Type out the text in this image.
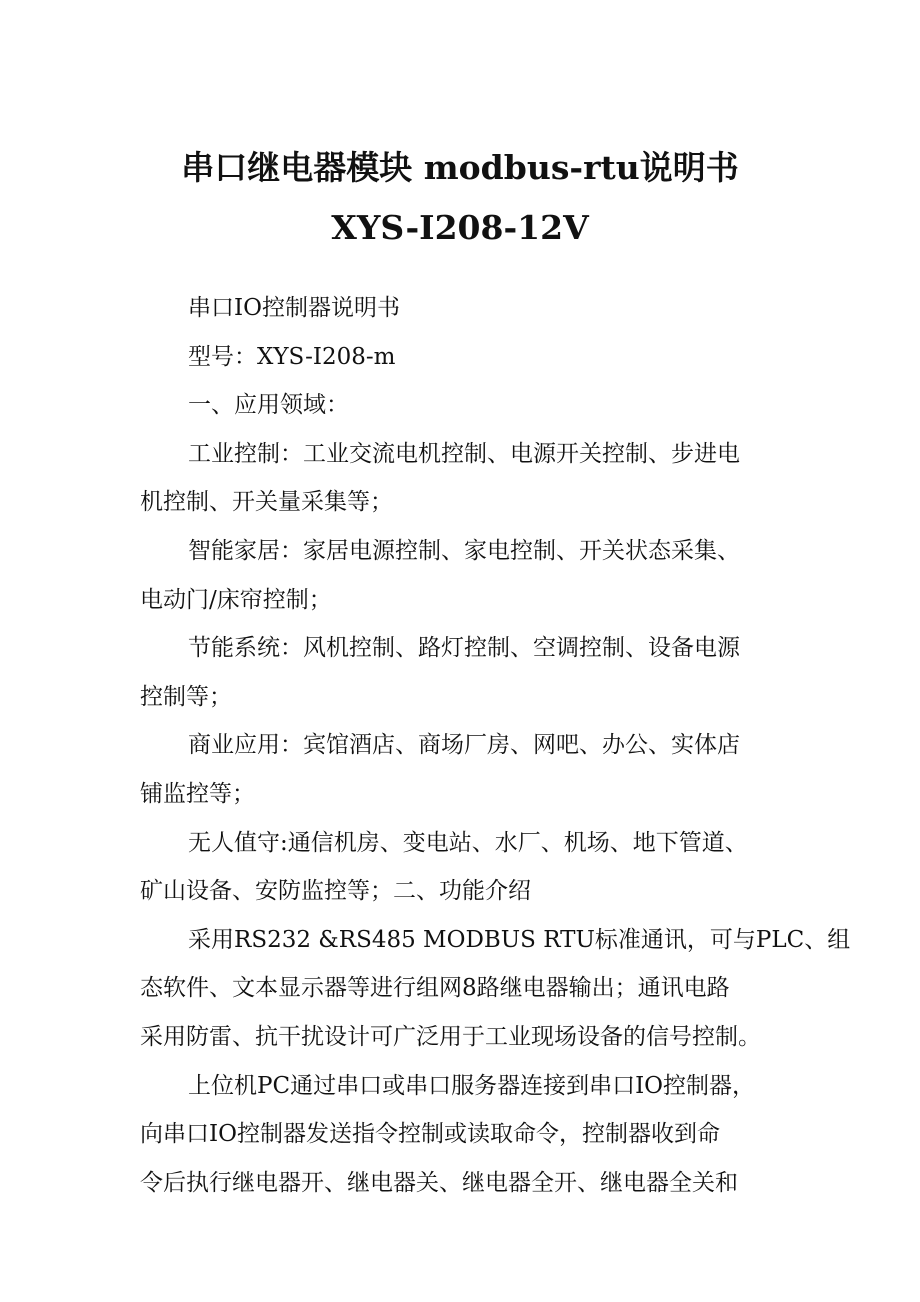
串口继电器模块 modbus-rtu说明书
XYS-I208-12V
串口IO控制器说明书
型号：XYS-I208-m
一、应用领域：
工业控制：工业交流电机控制、电源开关控制、步进电
机控制、开关量采集等；
智能家居：家居电源控制、家电控制、开关状态采集、
电动门/床帘控制；
节能系统：风机控制、路灯控制、空调控制、设备电源
控制等；
商业应用：宾馆酒店、商场厂房、网吧、办公、实体店
铺监控等；
无人值守:通信机房、变电站、水厂、机场、地下管道、
矿山设备、安防监控等；二、功能介绍
采用RS232 &RS485 MODBUS RTU标准通讯，可与PLC、组
态软件、文本显示器等进行组网8路继电器输出；通讯电路
采用防雷、抗干扰设计可广泛用于工业现场设备的信号控制。
上位机PC通过串口或串口服务器连接到串口IO控制器，
向串口IO控制器发送指令控制或读取命令，控制器收到命
令后执行继电器开、继电器关、继电器全开、继电器全关和
